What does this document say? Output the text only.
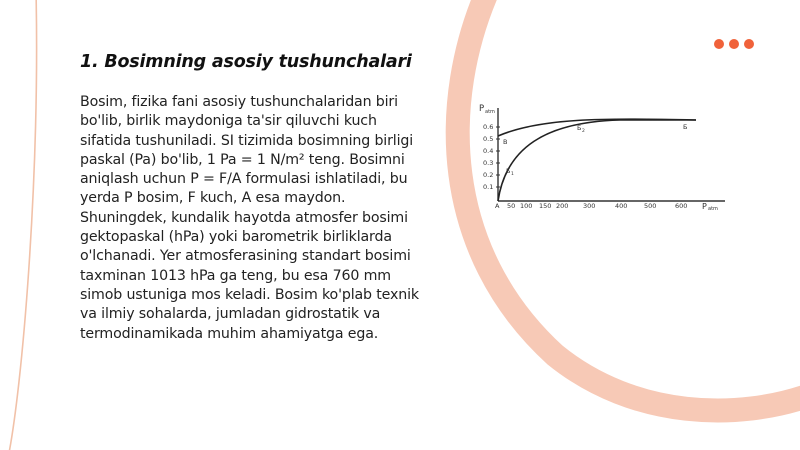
1. Bosimning asosiy tushunchalari

Bosim, fizika fani asosiy tushunchalaridan biri bo'lib, birlik maydoniga ta'sir qiluvchi kuch sifatida tushuniladi. SI tizimida bosimning birligi paskal (Pa) bo'lib, 1 Pa = 1 N/m² teng. Bosimni aniqlash uchun P = F/A formulasi ishlatiladi, bu yerda P bosim, F kuch, A esa maydon. Shuningdek, kundalik hayotda atmosfer bosimi gektopaskal (hPa) yoki barometrik birliklarda o'lchanadi. Yer atmosferasining standart bosimi taxminan 1013 hPa ga teng, bu esa 760 mm simob ustuniga mos keladi. Bosim ko'plab texnik va ilmiy sohalarda, jumladan gidrostatik va termodinamikada muhim ahamiyatga ega.

P atm
P atm
A
0.1
0.2
0.3
0.4
0.5
0.6
50 100 150 200 300	400	500	600
B
Б 1
Б 2
Б
